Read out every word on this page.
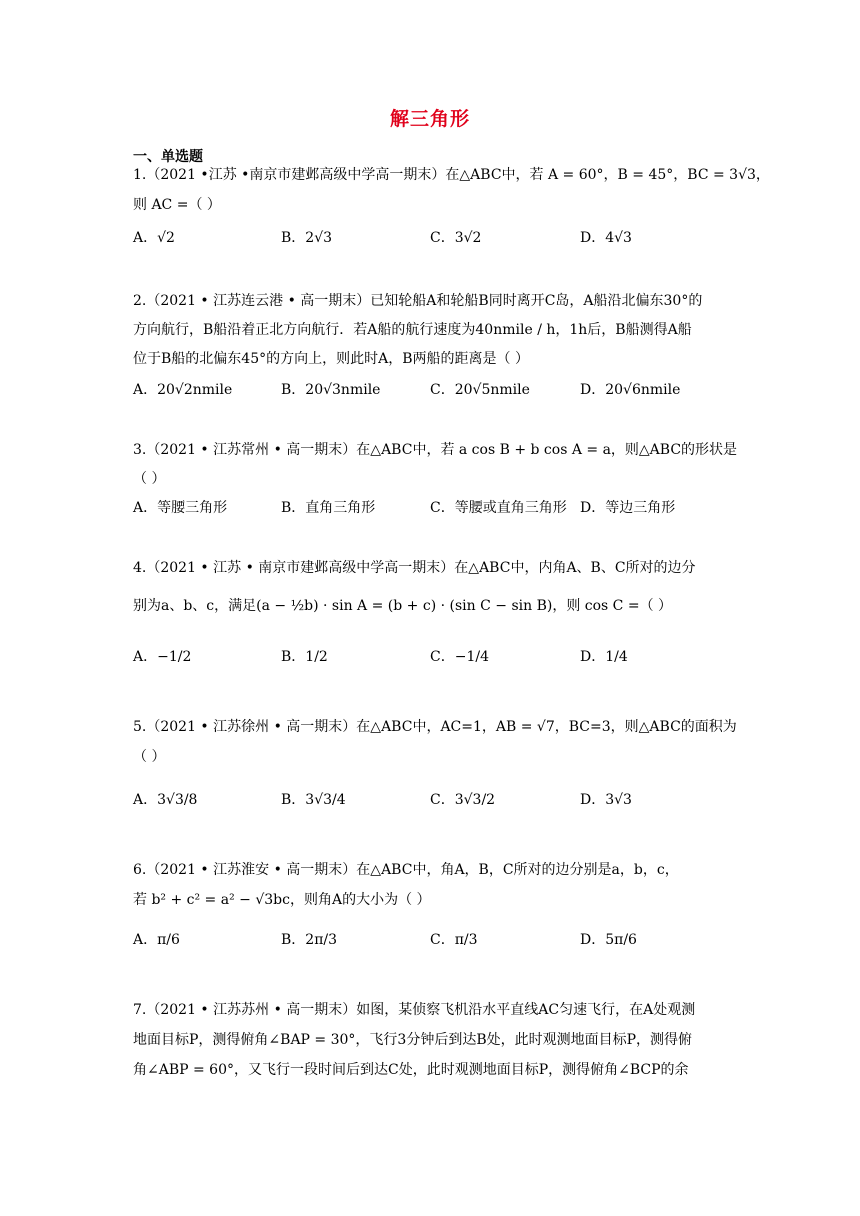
解三角形
一、单选题
1.（2021 •江苏 •南京市建邺高级中学高一期末）在△ABC中，若 A = 60°，B = 45°，BC = 3√3，
则 AC =（ ）
A．√2	B．2√3	C．3√2	D．4√3
2.（2021 • 江苏连云港 • 高一期末）已知轮船A和轮船B同时离开C岛，A船沿北偏东30°的
方向航行，B船沿着正北方向航行．若A船的航行速度为40nmile / h，1h后，B船测得A船
位于B船的北偏东45°的方向上，则此时A，B两船的距离是（ ）
A．20√2nmile	B．20√3nmile	C．20√5nmile	D．20√6nmile
3.（2021 • 江苏常州 • 高一期末）在△ABC中，若 a cos B + b cos A = a，则△ABC的形状是
（ ）
A．等腰三角形	B．直角三角形	C．等腰或直角三角形 D．等边三角形
4.（2021 • 江苏 • 南京市建邺高级中学高一期末）在△ABC中，内角A、B、C所对的边分
别为a、b、c，满足(a − ½b) · sin A = (b + c) · (sin C − sin B)，则 cos C =（ ）
A．−1/2	B．1/2	C．−1/4	D．1/4
5.（2021 • 江苏徐州 • 高一期末）在△ABC中，AC=1，AB = √7，BC=3，则△ABC的面积为
（ ）
A．3√3/8	B．3√3/4	C．3√3/2	D．3√3
6.（2021 • 江苏淮安 • 高一期末）在△ABC中，角A，B，C所对的边分别是a，b，c，
若 b² + c² = a² − √3bc，则角A的大小为（ ）
A．π/6	B．2π/3	C．π/3	D．5π/6
7.（2021 • 江苏苏州 • 高一期末）如图，某侦察飞机沿水平直线AC匀速飞行，在A处观测
地面目标P，测得俯角∠BAP = 30°，飞行3分钟后到达B处，此时观测地面目标P，测得俯
角∠ABP = 60°，又飞行一段时间后到达C处，此时观测地面目标P，测得俯角∠BCP的余
